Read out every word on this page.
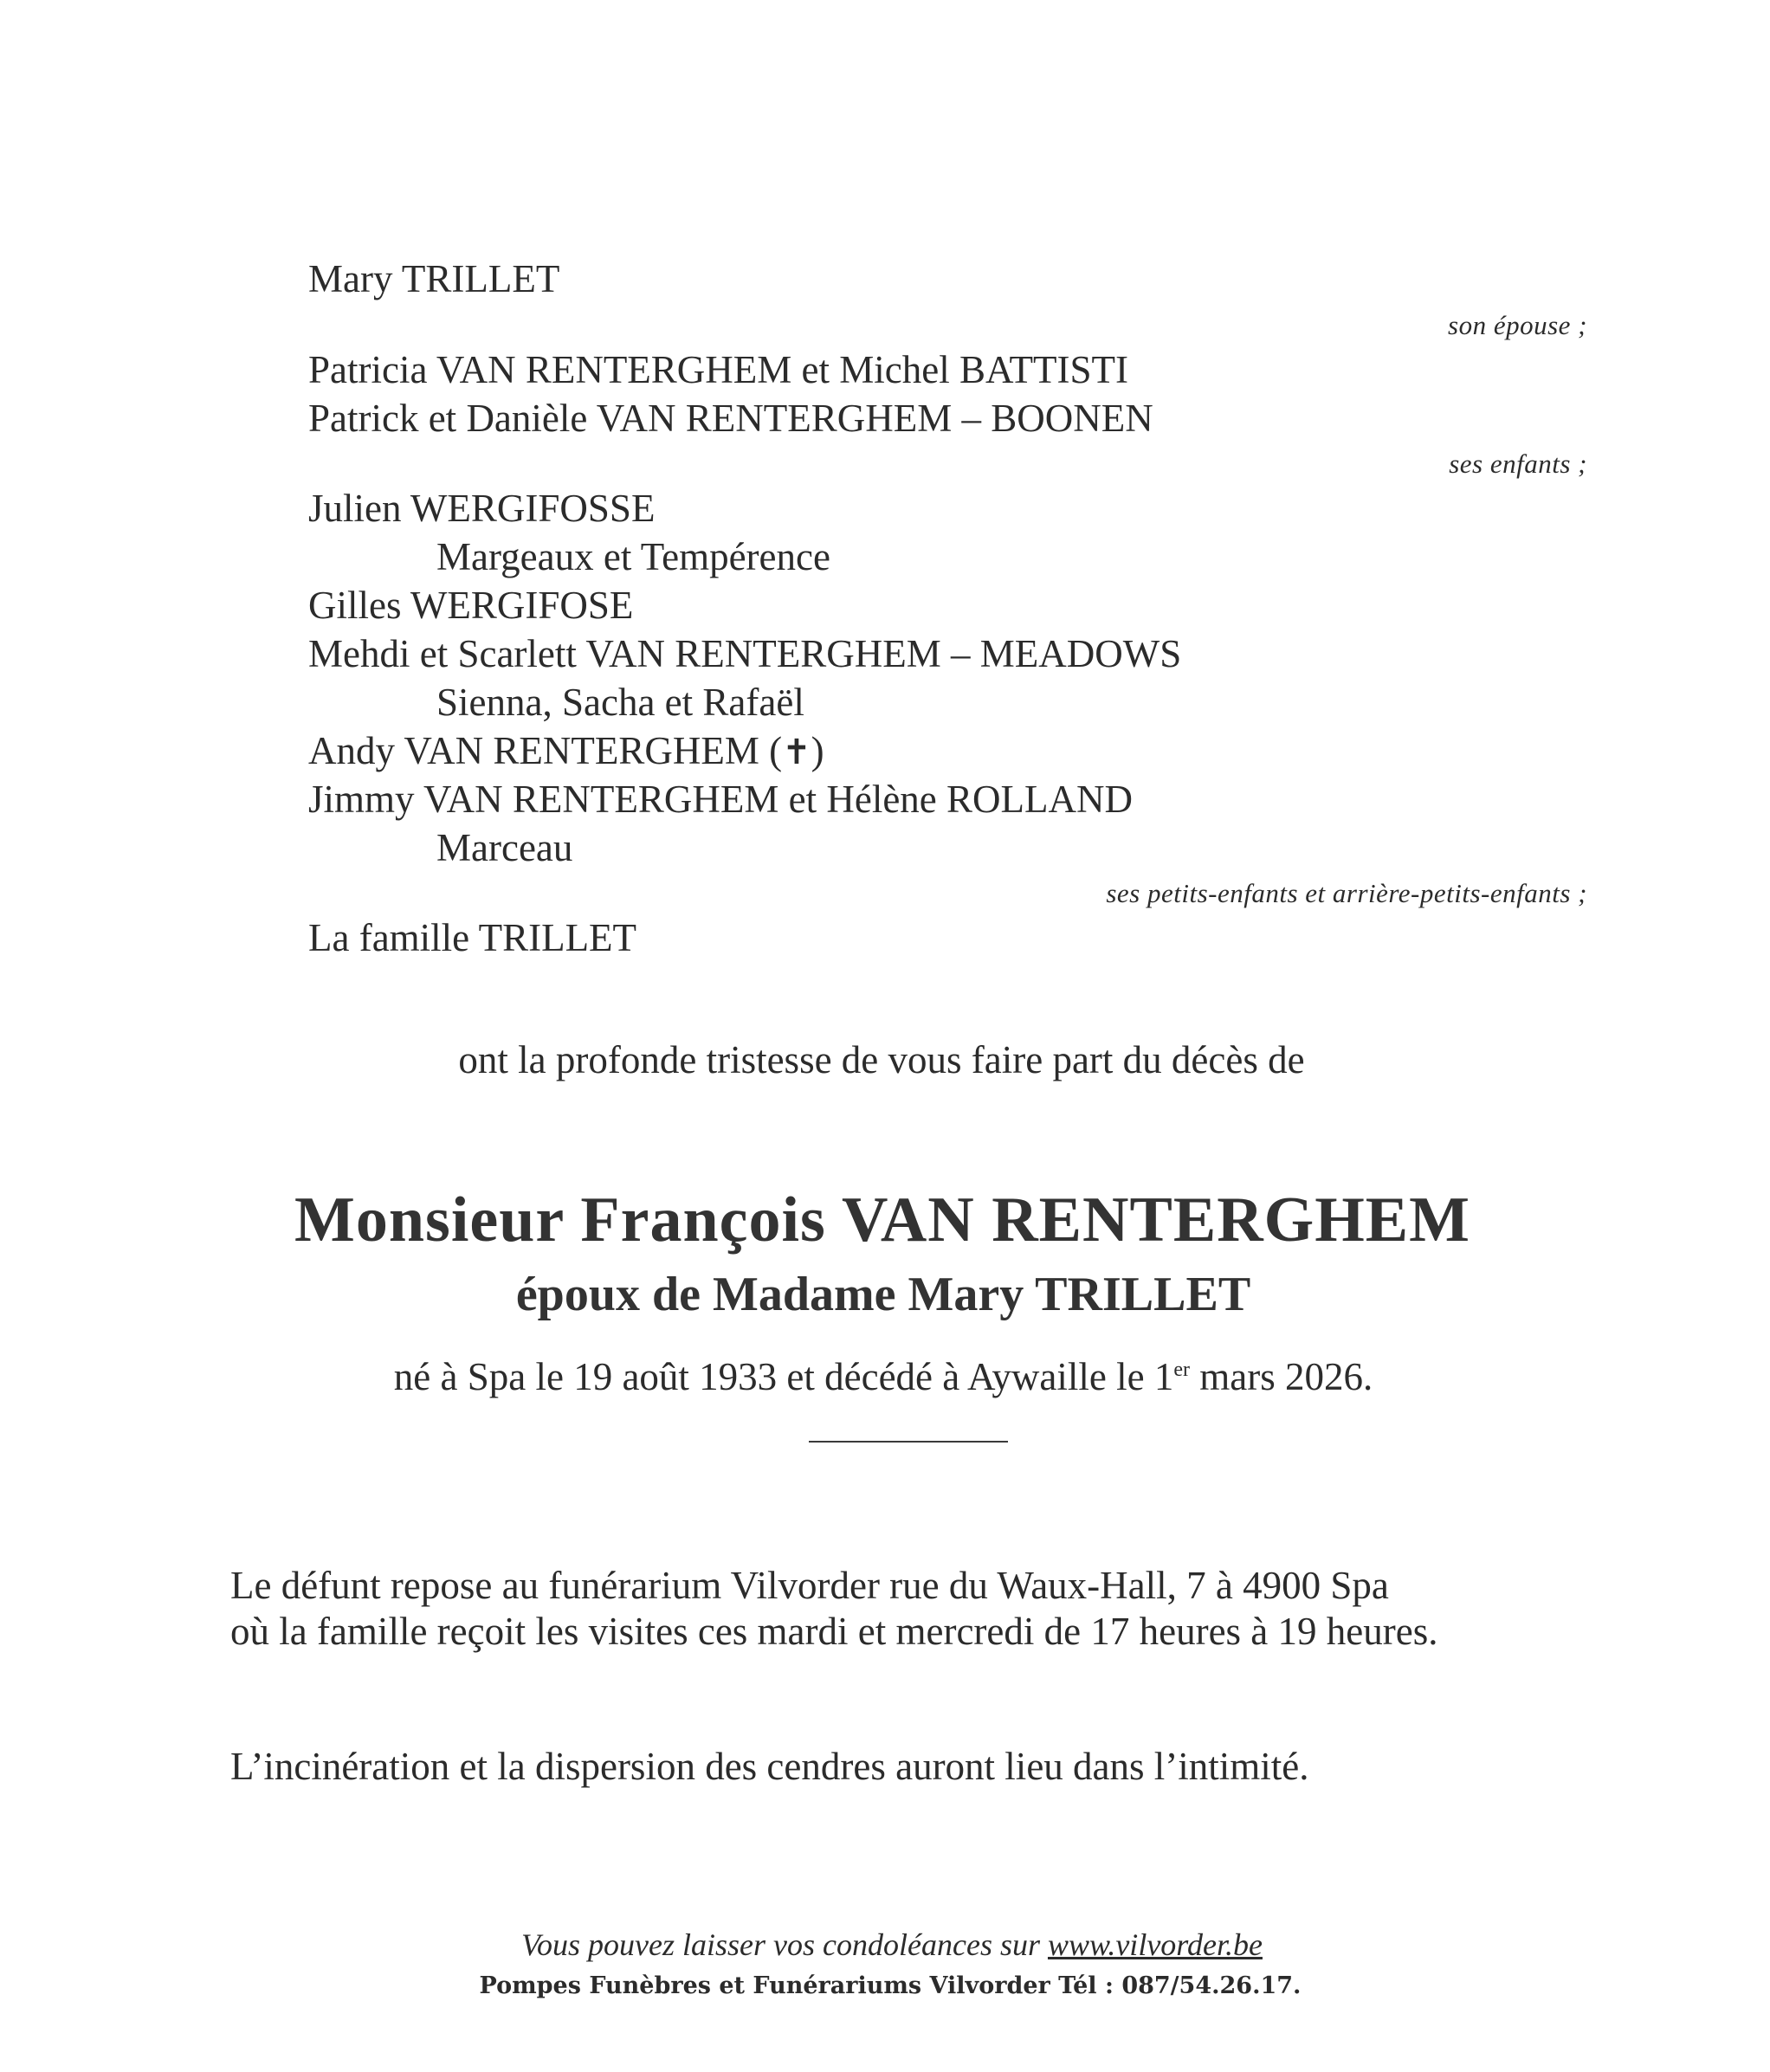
Mary TRILLET
son épouse ;
Patricia VAN RENTERGHEM et Michel BATTISTI
Patrick et Danièle VAN RENTERGHEM – BOONEN
ses enfants ;
Julien WERGIFOSSE
Margeaux et Tempérence
Gilles WERGIFOSE
Mehdi et Scarlett VAN RENTERGHEM – MEADOWS
Sienna, Sacha et Rafaël
Andy VAN RENTERGHEM (✝)
Jimmy VAN RENTERGHEM et Hélène ROLLAND
Marceau
ses petits-enfants et arrière-petits-enfants ;
La famille TRILLET
ont la profonde tristesse de vous faire part du décès de
Monsieur François VAN RENTERGHEM
époux de Madame Mary TRILLET
né à Spa le 19 août 1933 et décédé à Aywaille le 1er mars 2026.
Le défunt repose au funérarium Vilvorder rue du Waux-Hall, 7 à 4900 Spa
où la famille reçoit les visites ces mardi et mercredi de 17 heures à 19 heures.
L’incinération et la dispersion des cendres auront lieu dans l’intimité.
Vous pouvez laisser vos condoléances sur www.vilvorder.be
Pompes Funèbres et Funérariums Vilvorder Tél : 087/54.26.17.
